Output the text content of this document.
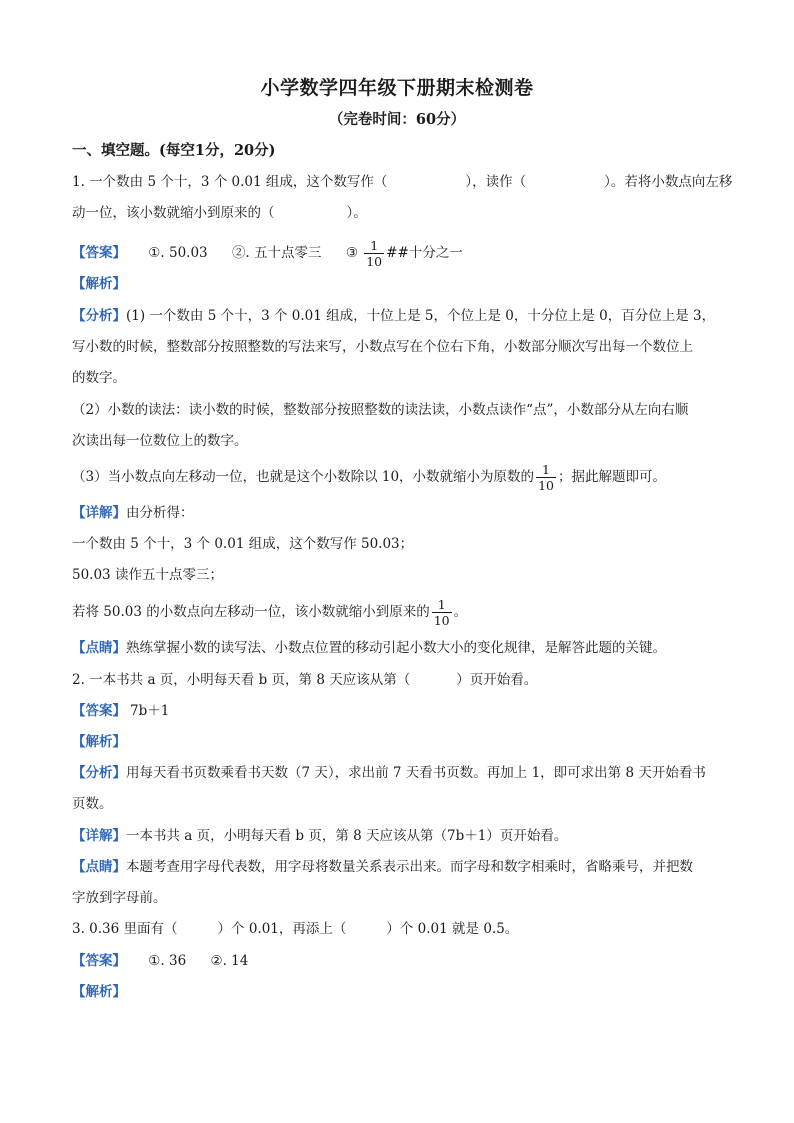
小学数学四年级下册期末检测卷
（完卷时间：60分）
一、填空题。(每空1分，20分)
1. 一个数由 5 个十，3 个 0.01 组成，这个数写作（	），读作（	）。若将小数点向左移
动一位，该小数就缩小到原来的（	）。
【答案】 ①. 50.03 ②. 五十点零三 ③ $\frac{1}{10}$ ##十分之一
【解析】
【分析】(1) 一个数由 5 个十，3 个 0.01 组成，十位上是 5，个位上是 0，十分位上是 0，百分位上是 3，
写小数的时候，整数部分按照整数的写法来写，小数点写在个位右下角，小数部分顺次写出每一个数位上
的数字。
（2）小数的读法：读小数的时候，整数部分按照整数的读法读，小数点读作“点”，小数部分从左向右顺
次读出每一位数位上的数字。
（3）当小数点向左移动一位，也就是这个小数除以 10，小数就缩小为原数的 $\frac{1}{10}$ ；据此解题即可。
【详解】由分析得：
一个数由 5 个十，3 个 0.01 组成，这个数写作 50.03；
50.03 读作五十点零三；
若将 50.03 的小数点向左移动一位，该小数就缩小到原来的 $\frac{1}{10}$ 。
【点睛】熟练掌握小数的读写法、小数点位置的移动引起小数大小的变化规律，是解答此题的关键。
2. 一本书共 a 页，小明每天看 b 页，第 8 天应该从第（	）页开始看。
【答案】 7b＋1
【解析】
【分析】用每天看书页数乘看书天数（7 天），求出前 7 天看书页数。再加上 1，即可求出第 8 天开始看书
页数。
【详解】一本书共 a 页，小明每天看 b 页，第 8 天应该从第（7b＋1）页开始看。
【点睛】本题考查用字母代表数，用字母将数量关系表示出来。而字母和数字相乘时，省略乘号，并把数
字放到字母前。
3. 0.36 里面有（	）个 0.01，再添上（	）个 0.01 就是 0.5。
【答案】 ①. 36 ②. 14
【解析】
